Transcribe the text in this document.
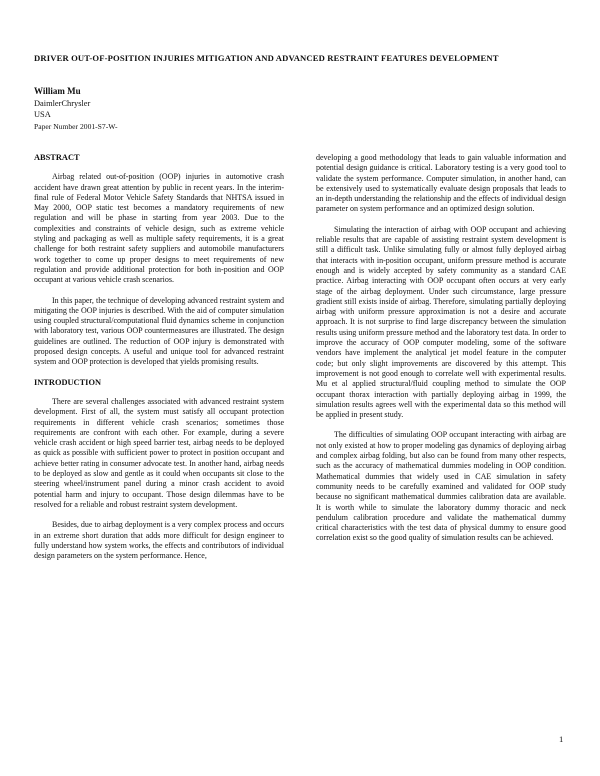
DRIVER OUT-OF-POSITION INJURIES MITIGATION AND ADVANCED RESTRAINT FEATURES DEVELOPMENT
William Mu
DaimlerChrysler
USA
Paper Number 2001-S7-W-
ABSTRACT

Airbag related out-of-position (OOP) injuries in automotive crash accident have drawn great attention by public in recent years. In the interim-final rule of Federal Motor Vehicle Safety Standards that NHTSA issued in May 2000, OOP static test becomes a mandatory requirements of new regulation and will be phase in starting from year 2003. Due to the complexities and constraints of vehicle design, such as extreme vehicle styling and packaging as well as multiple safety requirements, it is a great challenge for both restraint safety suppliers and automobile manufacturers work together to come up proper designs to meet requirements of new regulation and provide additional protection for both in-position and OOP occupant at various vehicle crash scenarios.

In this paper, the technique of developing advanced restraint system and mitigating the OOP injuries is described. With the aid of computer simulation using coupled structural/computational fluid dynamics scheme in conjunction with laboratory test, various OOP countermeasures are illustrated. The design guidelines are outlined. The reduction of OOP injury is demonstrated with proposed design concepts. A useful and unique tool for advanced restraint system and OOP protection is developed that yields promising results.

INTRODUCTION

There are several challenges associated with advanced restraint system development. First of all, the system must satisfy all occupant protection requirements in different vehicle crash scenarios; sometimes those requirements are confront with each other. For example, during a severe vehicle crash accident or high speed barrier test, airbag needs to be deployed as quick as possible with sufficient power to protect in position occupant and achieve better rating in consumer advocate test. In another hand, airbag needs to be deployed as slow and gentle as it could when occupants sit close to the steering wheel/instrument panel during a minor crash accident to avoid potential harm and injury to occupant. Those design dilemmas have to be resolved for a reliable and robust restraint system development.

Besides, due to airbag deployment is a very complex process and occurs in an extreme short duration that adds more difficult for design engineer to fully understand how system works, the effects and contributors of individual design parameters on the system performance. Hence,

developing a good methodology that leads to gain valuable information and potential design guidance is critical. Laboratory testing is a very good tool to validate the system performance. Computer simulation, in another hand, can be extensively used to systematically evaluate design proposals that leads to an in-depth understanding the relationship and the effects of individual design parameter on system performance and an optimized design solution.

Simulating the interaction of airbag with OOP occupant and achieving reliable results that are capable of assisting restraint system development is still a difficult task. Unlike simulating fully or almost fully deployed airbag that interacts with in-position occupant, uniform pressure method is accurate enough and is widely accepted by safety community as a standard CAE practice. Airbag interacting with OOP occupant often occurs at very early stage of the airbag deployment. Under such circumstance, large pressure gradient still exists inside of airbag. Therefore, simulating partially deploying airbag with uniform pressure approximation is not a desire and accurate approach. It is not surprise to find large discrepancy between the simulation results using uniform pressure method and the laboratory test data. In order to improve the accuracy of OOP computer modeling, some of the software vendors have implement the analytical jet model feature in the computer code; but only slight improvements are discovered by this attempt. This improvement is not good enough to correlate well with experimental results. Mu et al applied structural/fluid coupling method to simulate the OOP occupant thorax interaction with partially deploying airbag in 1999, the simulation results agrees well with the experimental data so this method will be applied in present study.

The difficulties of simulating OOP occupant interacting with airbag are not only existed at how to proper modeling gas dynamics of deploying airbag and complex airbag folding, but also can be found from many other respects, such as the accuracy of mathematical dummies modeling in OOP condition. Mathematical dummies that widely used in CAE simulation in safety community needs to be carefully examined and validated for OOP study because no significant mathematical dummies calibration data are available. It is worth while to simulate the laboratory dummy thoracic and neck pendulum calibration procedure and validate the mathematical dummy critical characteristics with the test data of physical dummy to ensure good correlation exist so the good quality of simulation results can be achieved.

1
